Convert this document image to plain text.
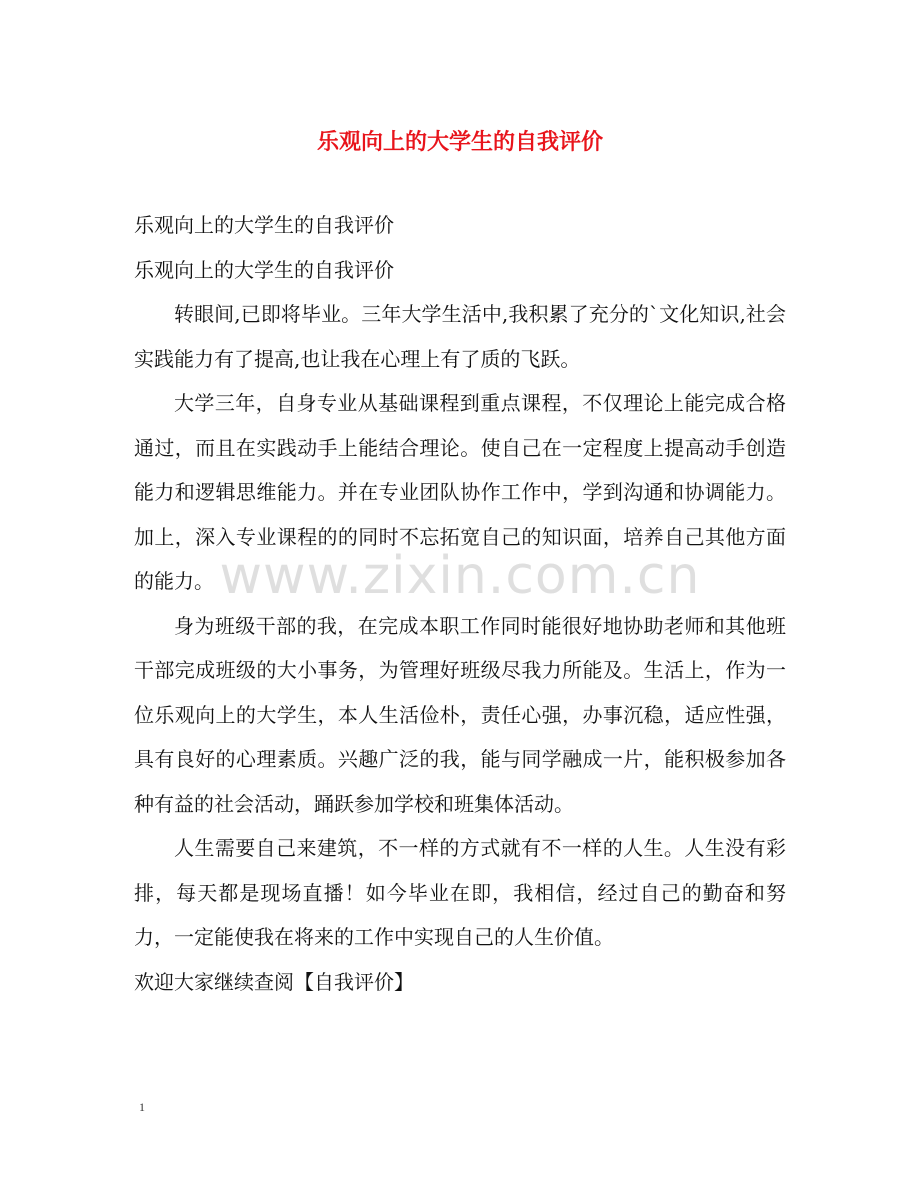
乐观向上的大学生的自我评价

乐观向上的大学生的自我评价

乐观向上的大学生的自我评价

转眼间,已即将毕业。三年大学生活中,我积累了充分的`文化知识,社会实践能力有了提高,也让我在心理上有了质的飞跃。

大学三年，自身专业从基础课程到重点课程，不仅理论上能完成合格通过，而且在实践动手上能结合理论。使自己在一定程度上提高动手创造能力和逻辑思维能力。并在专业团队协作工作中，学到沟通和协调能力。加上，深入专业课程的的同时不忘拓宽自己的知识面，培养自己其他方面的能力。

身为班级干部的我，在完成本职工作同时能很好地协助老师和其他班干部完成班级的大小事务，为管理好班级尽我力所能及。生活上，作为一位乐观向上的大学生，本人生活俭朴，责任心强，办事沉稳，适应性强，具有良好的心理素质。兴趣广泛的我，能与同学融成一片，能积极参加各种有益的社会活动，踊跃参加学校和班集体活动。

人生需要自己来建筑，不一样的方式就有不一样的人生。人生没有彩排，每天都是现场直播！如今毕业在即，我相信，经过自己的勤奋和努力，一定能使我在将来的工作中实现自己的人生价值。

欢迎大家继续查阅【自我评价】

www.zixin.com.cn
1
